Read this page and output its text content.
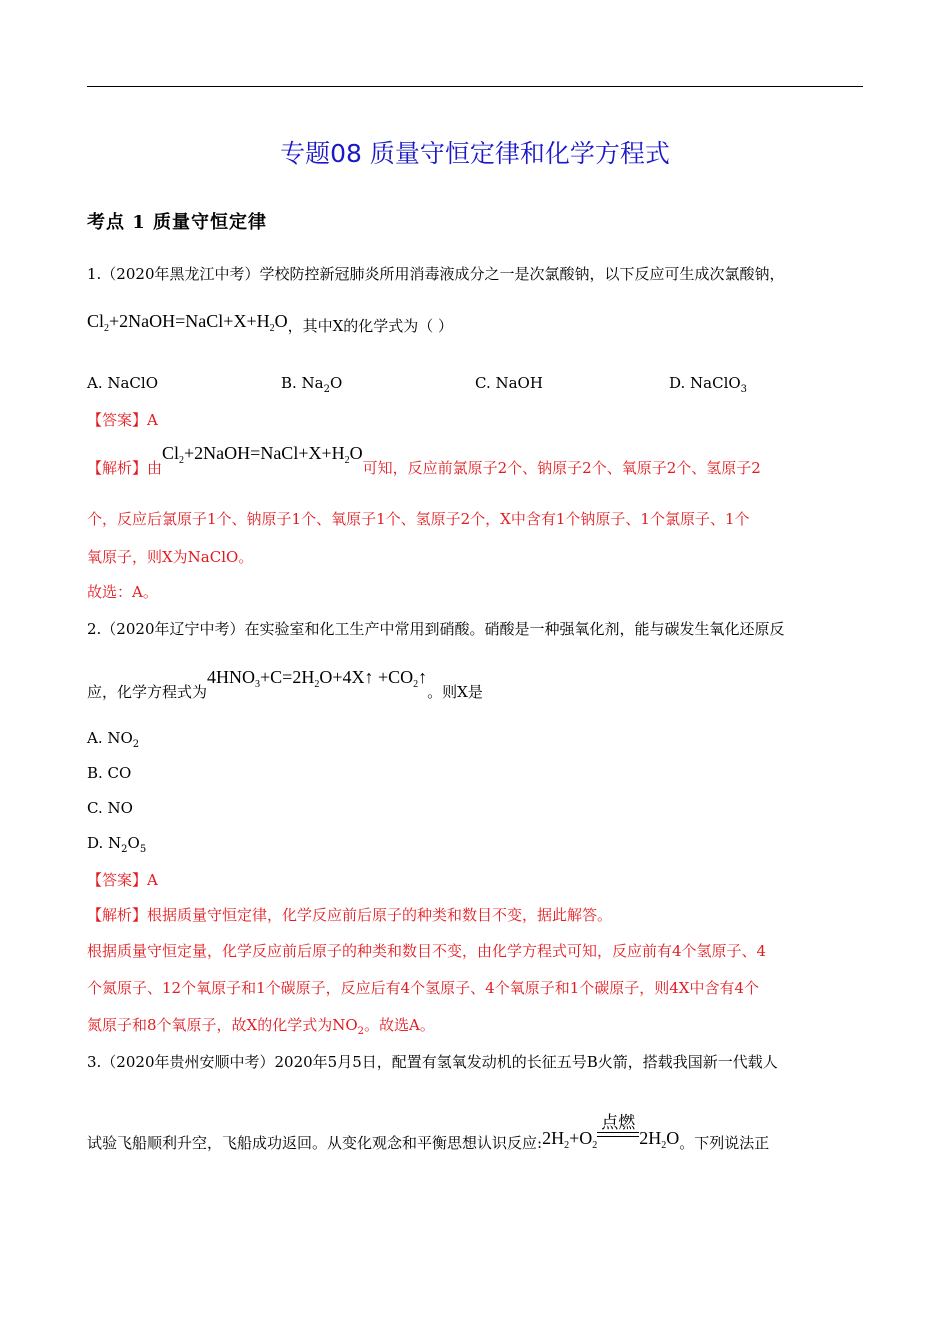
专题08 质量守恒定律和化学方程式
考点 1 质量守恒定律
1.（2020年黑龙江中考）学校防控新冠肺炎所用消毒液成分之一是次氯酸钠，以下反应可生成次氯酸钠，
$Cl_2+2NaOH=NaCl+X+H_2O$，其中X的化学式为（ ）
A. NaClO	B. $Na_2O$	C. NaOH	D. NaClO$_3$
【答案】A
【解析】由$Cl_2+2NaOH=NaCl+X+H_2O$可知，反应前氯原子2个、钠原子2个、氧原子2个、氢原子2
个，反应后氯原子1个、钠原子1个、氧原子1个、氢原子2个，X中含有1个钠原子、1个氯原子、1个
氧原子，则X为NaClO。
故选：A。
2.（2020年辽宁中考）在实验室和化工生产中常用到硝酸。硝酸是一种强氧化剂，能与碳发生氧化还原反
应，化学方程式为$4HNO_3+C=2H_2O+4X↑$ $+CO_2↑$。则X是
A. $NO_2$
B. CO
C. NO
D. $N_2O_5$
【答案】A
【解析】根据质量守恒定律，化学反应前后原子的种类和数目不变，据此解答。
根据质量守恒定量，化学反应前后原子的种类和数目不变，由化学方程式可知，反应前有4个氢原子、4
个氮原子、12个氧原子和1个碳原子，反应后有4个氢原子、4个氧原子和1个碳原子，则4X中含有4个
氮原子和8个氧原子，故X的化学式为$NO_2$。故选A。
3.（2020年贵州安顺中考）2020年5月5日，配置有氢氧发动机的长征五号B火箭，搭载我国新一代载人
试验飞船顺利升空，飞船成功返回。从变化观念和平衡思想认识反应$:2H_2+O_2$
点燃
$2H_2O$。下列说法正
